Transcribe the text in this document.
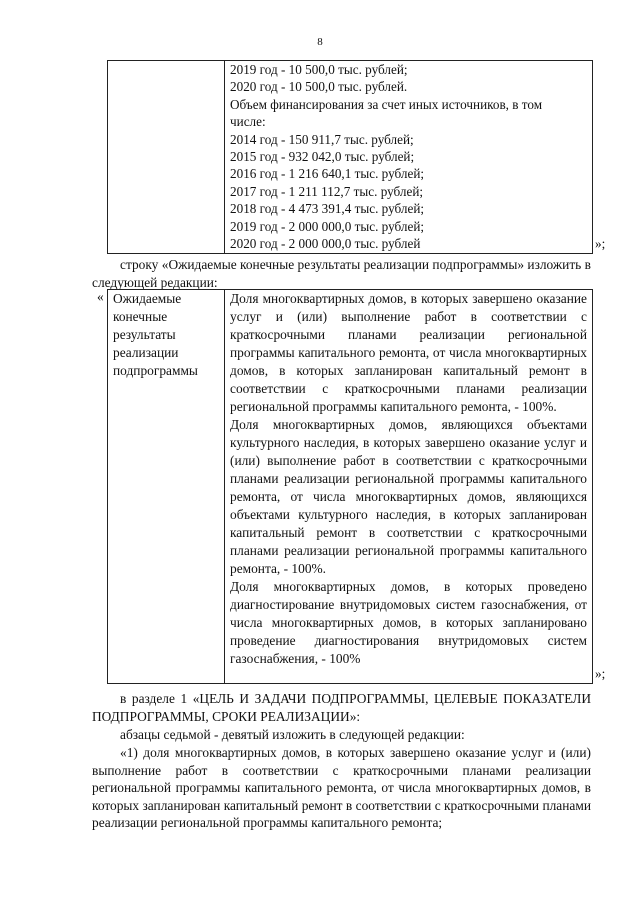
8
2019 год - 10 500,0 тыс. рублей;
2020 год - 10 500,0 тыс. рублей.
Объем финансирования за счет иных источников, в том
числе:
2014 год - 150 911,7 тыс. рублей;
2015 год - 932 042,0 тыс. рублей;
2016 год - 1 216 640,1 тыс. рублей;
2017 год - 1 211 112,7 тыс. рублей;
2018 год - 4 473 391,4 тыс. рублей;
2019 год - 2 000 000,0 тыс. рублей;
2020 год - 2 000 000,0 тыс. рублей	»;
строку «Ожидаемые конечные результаты реализации подпрограммы» изложить в следующей редакции:
« Ожидаемые
конечные
результаты
реализации
подпрограммы
Доля многоквартирных домов, в которых завершено оказание услуг и (или) выполнение работ в соответствии с краткосрочными планами реализации региональной программы капитального ремонта, от числа многоквартирных домов, в которых запланирован капитальный ремонт в соответствии с краткосрочными планами реализации региональной программы капитального ремонта, - 100%.
Доля многоквартирных домов, являющихся объектами культурного наследия, в которых завершено оказание услуг и (или) выполнение работ в соответствии с краткосрочными планами реализации региональной программы капитального ремонта, от числа многоквартирных домов, являющихся объектами культурного наследия, в которых запланирован капитальный ремонт в соответствии с краткосрочными планами реализации региональной программы капитального ремонта, - 100%.
Доля многоквартирных домов, в которых проведено диагностирование внутридомовых систем газоснабжения, от числа многоквартирных домов, в которых запланировано проведение диагностирования внутридомовых систем газоснабжения, - 100%
»;
в разделе 1 «ЦЕЛЬ И ЗАДАЧИ ПОДПРОГРАММЫ, ЦЕЛЕВЫЕ ПОКАЗАТЕЛИ ПОДПРОГРАММЫ, СРОКИ РЕАЛИЗАЦИИ»:
абзацы седьмой - девятый изложить в следующей редакции:
«1) доля многоквартирных домов, в которых завершено оказание услуг и (или) выполнение работ в соответствии с краткосрочными планами реализации региональной программы капитального ремонта, от числа многоквартирных домов, в которых запланирован капитальный ремонт в соответствии с краткосрочными планами реализации региональной программы капитального ремонта;
